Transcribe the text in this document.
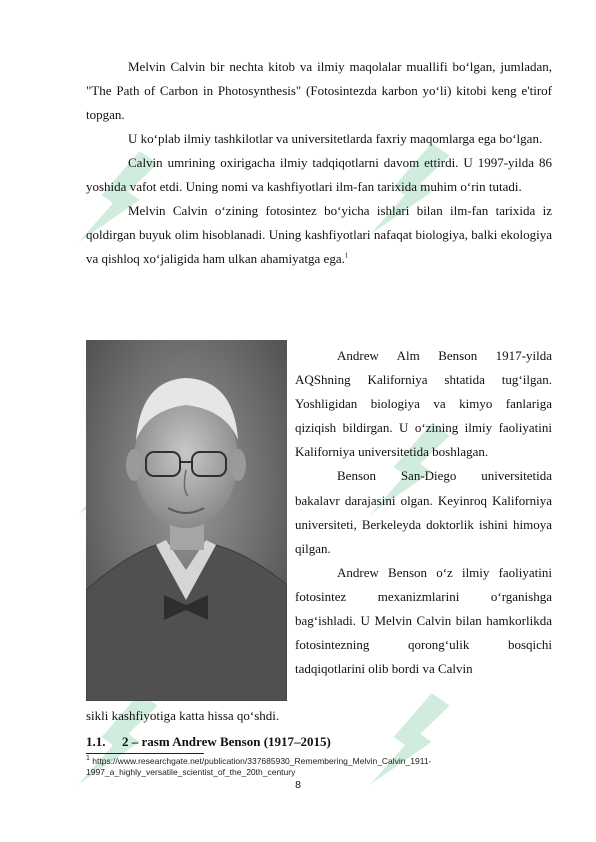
Melvin Calvin bir nechta kitob va ilmiy maqolalar muallifi bo‘lgan, jumladan, "The Path of Carbon in Photosynthesis" (Fotosintezda karbon yo‘li) kitobi keng e'tirof topgan.

U ko‘plab ilmiy tashkilotlar va universitetlarda faxriy maqomlarga ega bo‘lgan.

Calvin umrining oxirigacha ilmiy tadqiqotlarni davom ettirdi. U 1997-yilda 86 yoshida vafot etdi. Uning nomi va kashfiyotlari ilm-fan tarixida muhim o‘rin tutadi.

Melvin Calvin o‘zining fotosintez bo‘yicha ishlari bilan ilm-fan tarixida iz qoldirgan buyuk olim hisoblanadi. Uning kashfiyotlari nafaqat biologiya, balki ekologiya va qishloq xo‘jaligida ham ulkan ahamiyatga ega.$^1$

Andrew Alm Benson 1917-yilda AQShning Kaliforniya shtatida tug‘ilgan. Yoshligidan biologiya va kimyo fanlariga qiziqish bildirgan. U o‘zining ilmiy faoliyatini Kaliforniya universitetida boshlagan.

Benson San-Diego universitetida bakalavr darajasini olgan. Keyinroq Kaliforniya universiteti, Berkeleyda doktorlik ishini himoya qilgan.

Andrew Benson o‘z ilmiy faoliyatini fotosintez mexanizmlarini o‘rganishga bag‘ishladi. U Melvin Calvin bilan hamkorlikda fotosintezning qorong‘ulik bosqichi tadqiqotlarini olib bordi va Calvin

sikli kashfiyotiga katta hissa qo‘shdi.
1.1. 2 – rasm Andrew Benson (1917–2015)
$^1$ https://www.researchgate.net/publication/337685930_Remembering_Melvin_Calvin_1911-1997_a_highly_versatile_scientist_of_the_20th_century
8
